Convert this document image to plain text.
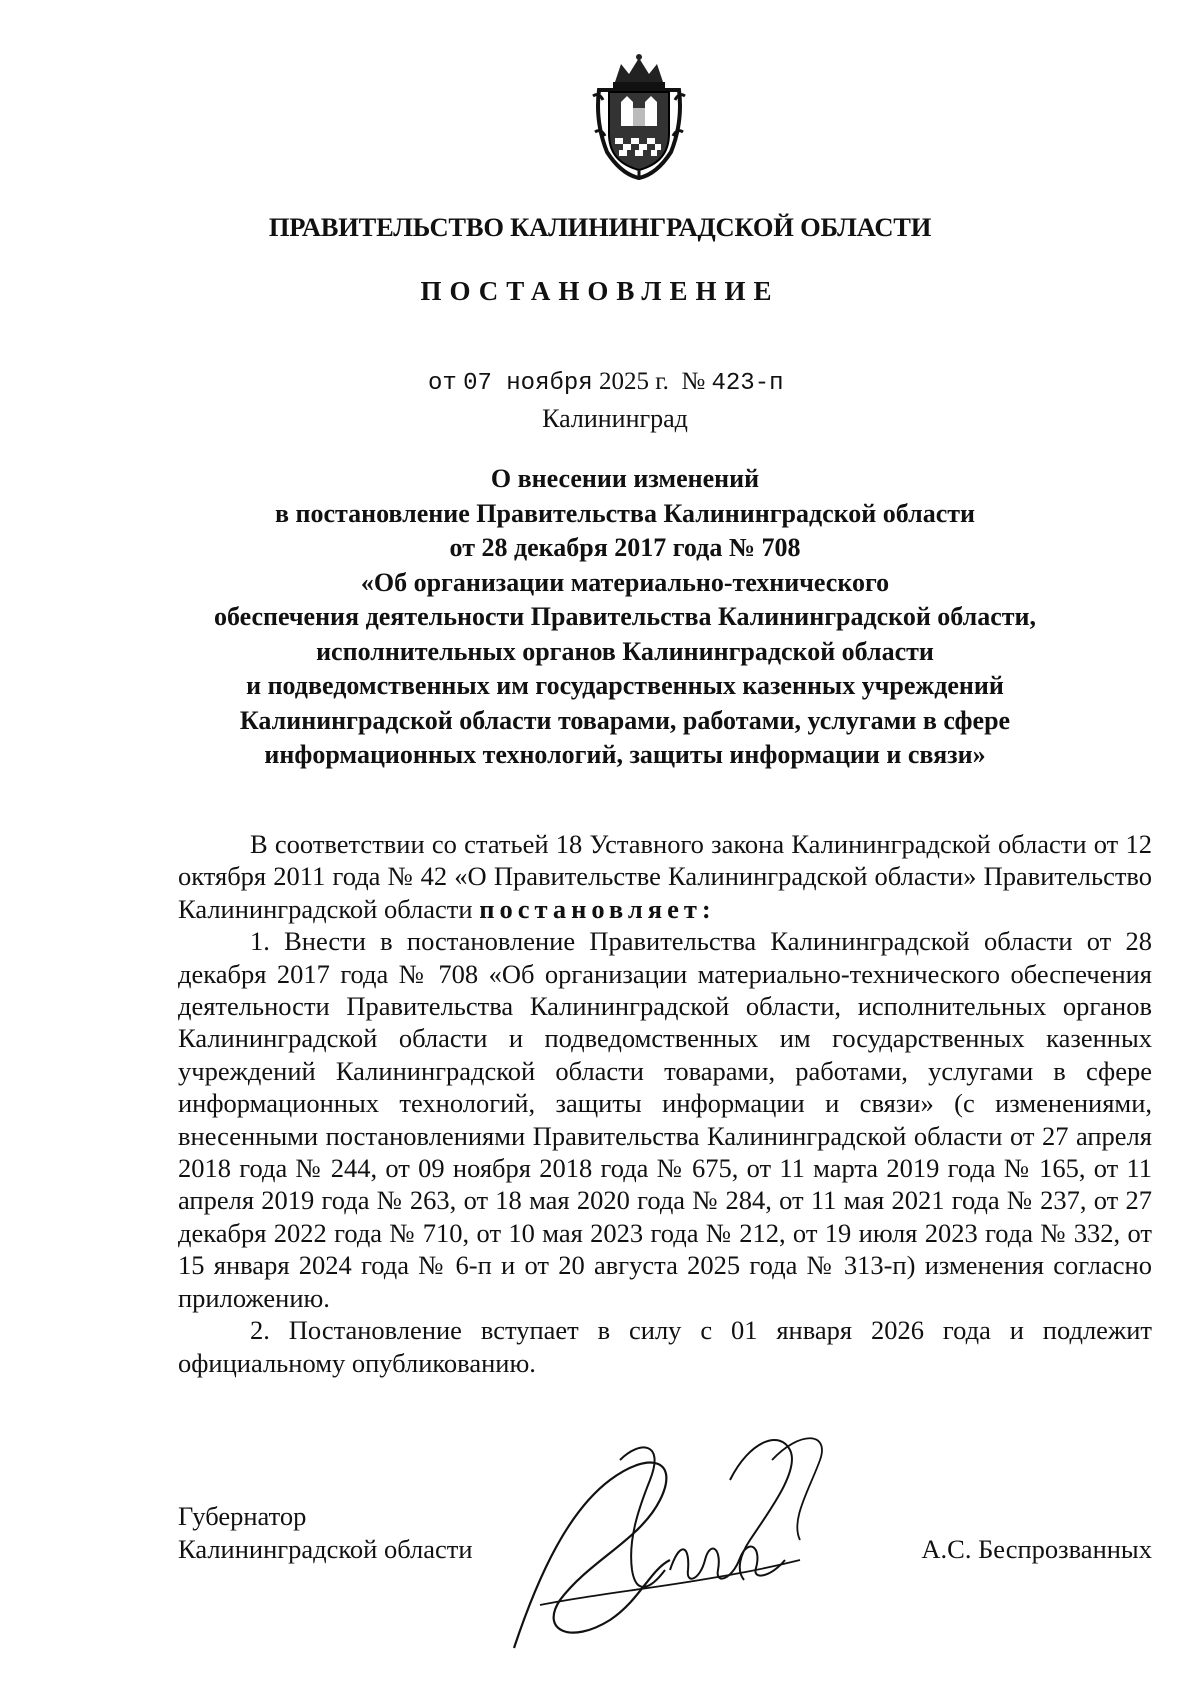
ПРАВИТЕЛЬСТВО КАЛИНИНГРАДСКОЙ ОБЛАСТИ
ПОСТАНОВЛЕНИЕ
от 07 ноября 2025 г. № 423-п
Калининград
О внесении изменений
в постановление Правительства Калининградской области
от 28 декабря 2017 года № 708
«Об организации материально-технического
обеспечения деятельности Правительства Калининградской области,
исполнительных органов Калининградской области
и подведомственных им государственных казенных учреждений
Калининградской области товарами, работами, услугами в сфере
информационных технологий, защиты информации и связи»

В соответствии со статьей 18 Уставного закона Калининградской области от 12 октября 2011 года № 42 «О Правительстве Калининградской области» Правительство Калининградской области постановляет:

1. Внести в постановление Правительства Калининградской области от 28 декабря 2017 года № 708 «Об организации материально-технического обеспечения деятельности Правительства Калининградской области, исполнительных органов Калининградской области и подведомственных им государственных казенных учреждений Калининградской области товарами, работами, услугами в сфере информационных технологий, защиты информации и связи» (с изменениями, внесенными постановлениями Правительства Калининградской области от 27 апреля 2018 года № 244, от 09 ноября 2018 года № 675, от 11 марта 2019 года № 165, от 11 апреля 2019 года № 263, от 18 мая 2020 года № 284, от 11 мая 2021 года № 237, от 27 декабря 2022 года № 710, от 10 мая 2023 года № 212, от 19 июля 2023 года № 332, от 15 января 2024 года № 6-п и от 20 августа 2025 года № 313-п) изменения согласно приложению.

2. Постановление вступает в силу с 01 января 2026 года и подлежит официальному опубликованию.

Губернатор
Калининградской области	А.С. Беспрозванных
